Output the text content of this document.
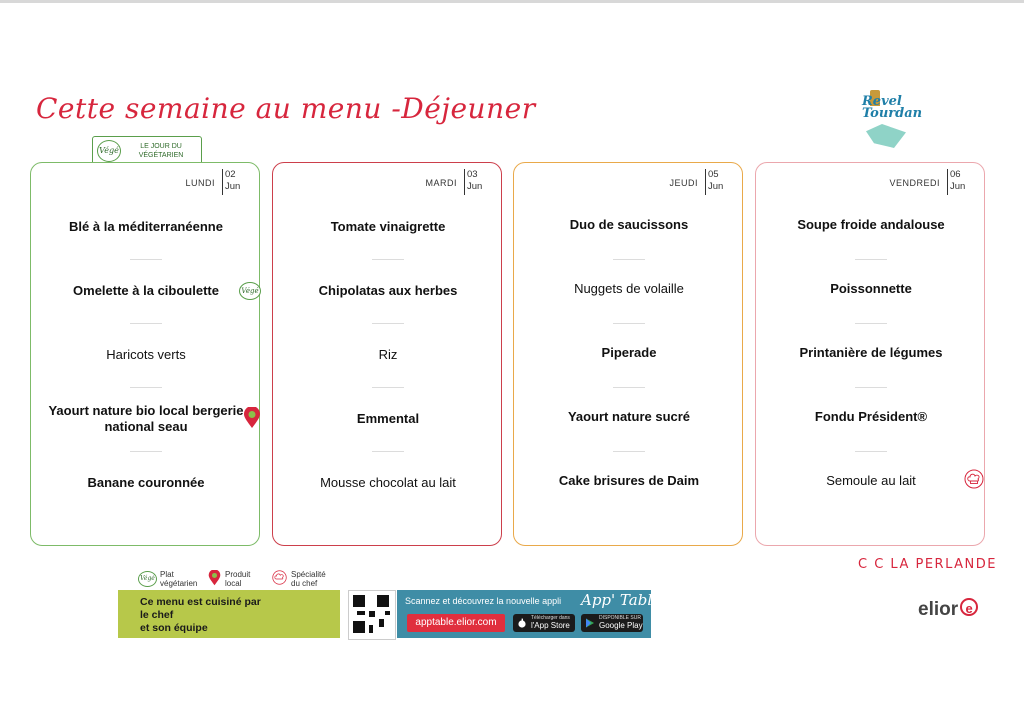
Cette semaine au menu -Déjeuner	Revel Tourdan
Végé	LE JOUR DU VÉGÉTARIEN
LUNDI
02
Jun
Blé à la méditerranéenne
Omelette à la ciboulette	Végé
Haricots verts
Yaourt nature bio local bergerie national seau
Banane couronnée
MARDI
03
Jun
Tomate vinaigrette
Chipolatas aux herbes
Riz
Emmental
Mousse chocolat au lait
JEUDI
05
Jun
Duo de saucissons
Nuggets de volaille
Piperade
Yaourt nature sucré
Cake brisures de Daim
VENDREDI
06
Jun
Soupe froide andalouse
Poissonnette
Printanière de légumes
Fondu Président®
Semoule au lait
Végé Plat
végétarien
Produit
local
Spécialité
du chef
Ce menu est cuisiné par
le chef
et son équipe
Scannez et découvrez la nouvelle appli App' Table
apptable.elior.com	Télécharger dans
l'App Store
DISPONIBLE SUR
Google Play
C C LA PERLANDE
elior e
